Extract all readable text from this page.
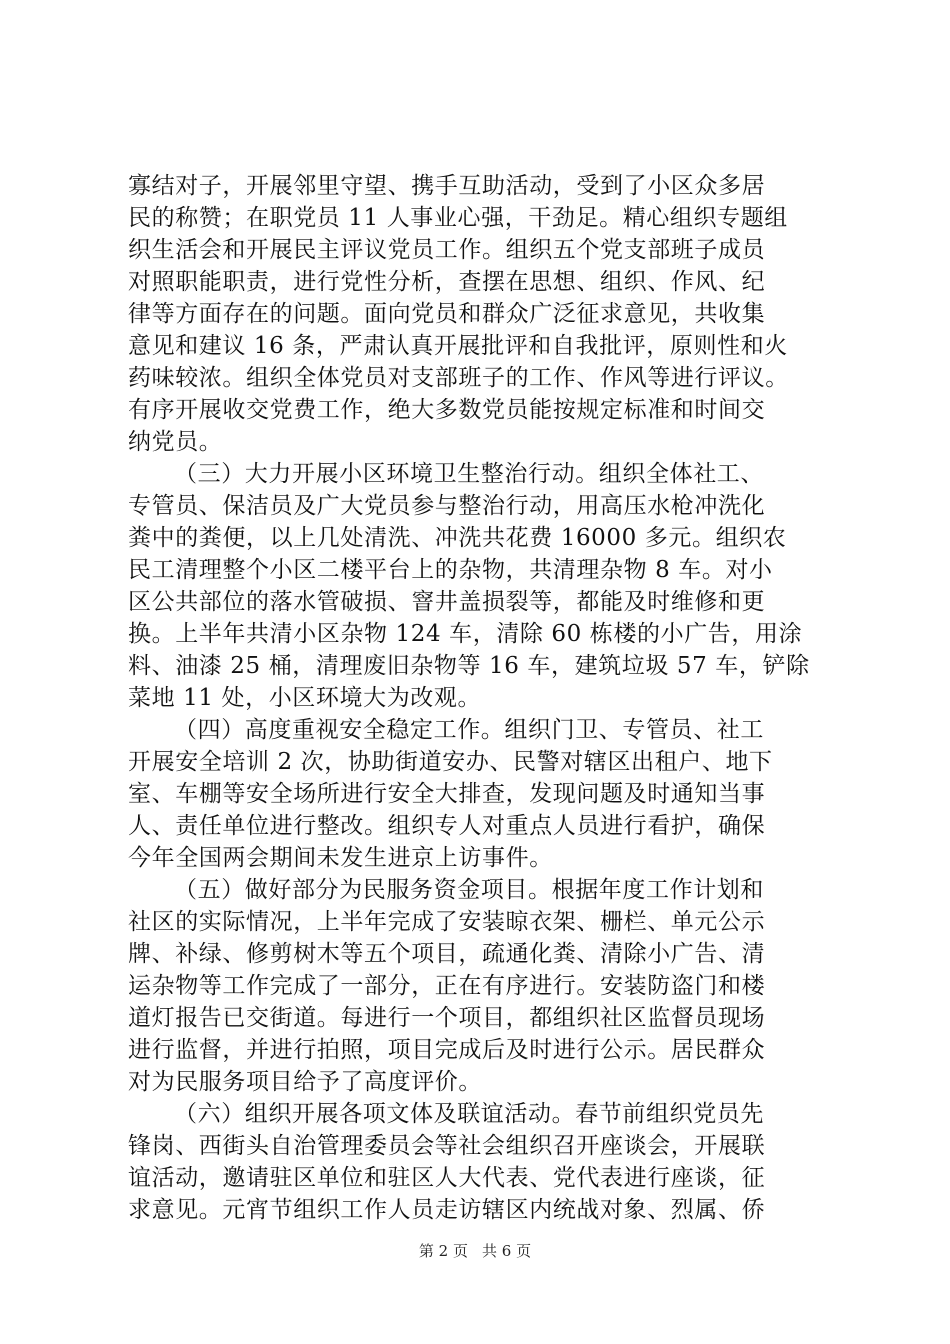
寡结对子，开展邻里守望、携手互助活动，受到了小区众多居
民的称赞；在职党员 11 人事业心强，干劲足。精心组织专题组
织生活会和开展民主评议党员工作。组织五个党支部班子成员
对照职能职责，进行党性分析，查摆在思想、组织、作风、纪
律等方面存在的问题。面向党员和群众广泛征求意见，共收集
意见和建议 16 条，严肃认真开展批评和自我批评，原则性和火
药味较浓。组织全体党员对支部班子的工作、作风等进行评议。
有序开展收交党费工作，绝大多数党员能按规定标准和时间交
纳党员。
（三）大力开展小区环境卫生整治行动。组织全体社工、
专管员、保洁员及广大党员参与整治行动，用高压水枪冲洗化
粪中的粪便，以上几处清洗、冲洗共花费 16000 多元。组织农
民工清理整个小区二楼平台上的杂物，共清理杂物 8 车。对小
区公共部位的落水管破损、窨井盖损裂等，都能及时维修和更
换。上半年共清小区杂物 124 车，清除 60 栋楼的小广告，用涂
料、油漆 25 桶，清理废旧杂物等 16 车，建筑垃圾 57 车，铲除
菜地 11 处，小区环境大为改观。
（四）高度重视安全稳定工作。组织门卫、专管员、社工
开展安全培训 2 次，协助街道安办、民警对辖区出租户、地下
室、车棚等安全场所进行安全大排查，发现问题及时通知当事
人、责任单位进行整改。组织专人对重点人员进行看护，确保
今年全国两会期间未发生进京上访事件。
（五）做好部分为民服务资金项目。根据年度工作计划和
社区的实际情况，上半年完成了安装晾衣架、栅栏、单元公示
牌、补绿、修剪树木等五个项目，疏通化粪、清除小广告、清
运杂物等工作完成了一部分，正在有序进行。安装防盗门和楼
道灯报告已交街道。每进行一个项目，都组织社区监督员现场
进行监督，并进行拍照，项目完成后及时进行公示。居民群众
对为民服务项目给予了高度评价。
（六）组织开展各项文体及联谊活动。春节前组织党员先
锋岗、西街头自治管理委员会等社会组织召开座谈会，开展联
谊活动，邀请驻区单位和驻区人大代表、党代表进行座谈，征
求意见。元宵节组织工作人员走访辖区内统战对象、烈属、侨
第 2 页 共 6 页
